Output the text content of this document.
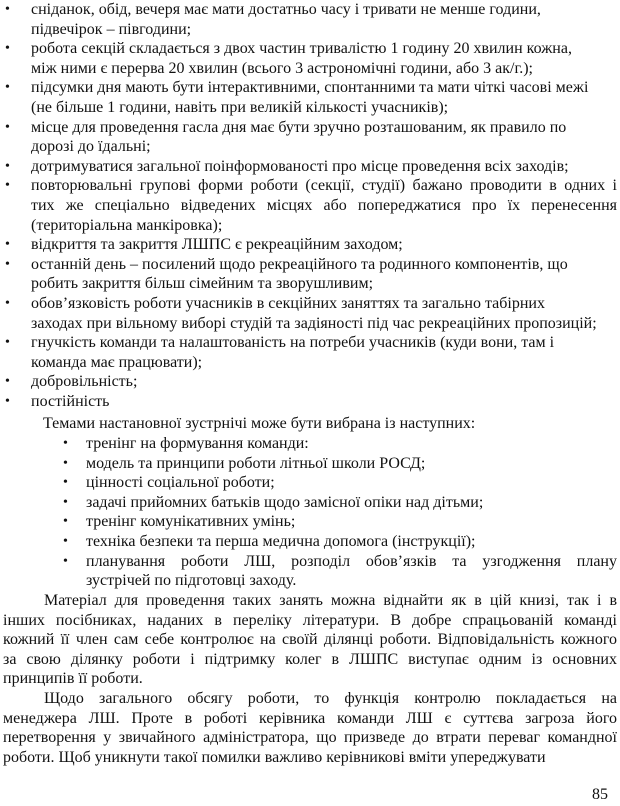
• сніданок, обід, вечеря має мати достатньо часу і тривати не менше години,
підвечірок – півгодини;
• робота секцій складається з двох частин тривалістю 1 годину 20 хвилин кожна,
між ними є перерва 20 хвилин (всього 3 астрономічні години, або 3 ак/г.);
• підсумки дня мають бути інтерактивними, спонтанними та мати чіткі часові межі
(не більше 1 години, навіть при великій кількості учасників);
• місце для проведення гасла дня має бути зручно розташованим, як правило по
дорозі до їдальні;
• дотримуватися загальної поінформованості про місце проведення всіх заходів;
• повторювальні групові форми роботи (секції, студії) бажано проводити в одних і
тих же спеціально відведених місцях або попереджатися про їх перенесення
(територіальна манкіровка);
• відкриття та закриття ЛШПС є рекреаційним заходом;
• останній день – посилений щодо рекреаційного та родинного компонентів, що
робить закриття більш сімейним та зворушливим;
• обов’язковість роботи учасників в секційних заняттях та загально табірних
заходах при вільному виборі студій та задіяності під час рекреаційних пропозицій;
• гнучкість команди та налаштованість на потреби учасників (куди вони, там і
команда має працювати);
• добровільність;
• постійність
Темами настановної зустрнічі може бути вибрана із наступних:
• тренінг на формування команди:
• модель та принципи роботи літньої школи РОСД;
• цінності соціальної роботи;
• задачі прийомних батьків щодо замісної опіки над дітьми;
• тренінг комунікативних умінь;
• техніка безпеки та перша медична допомога (інструкції);
• планування роботи ЛШ, розподіл обов’язків та узгодження плану
зустрічей по підготовці заходу.
Матеріал для проведення таких занять можна віднайти як в цій книзі, так і в
інших посібниках, наданих в переліку літератури. В добре спрацьованій команді
кожний її член сам себе контролює на своїй ділянці роботи. Відповідальність кожного
за свою ділянку роботи і підтримку колег в ЛШПС виступає одним із основних
принципів її роботи.
Щодо загального обсягу роботи, то функція контролю покладається на
менеджера ЛШ. Проте в роботі керівника команди ЛШ є суттєва загроза його
перетворення у звичайного адміністратора, що призведе до втрати переваг командної
роботи. Щоб уникнути такої помилки важливо керівникові вміти упереджувати
85
